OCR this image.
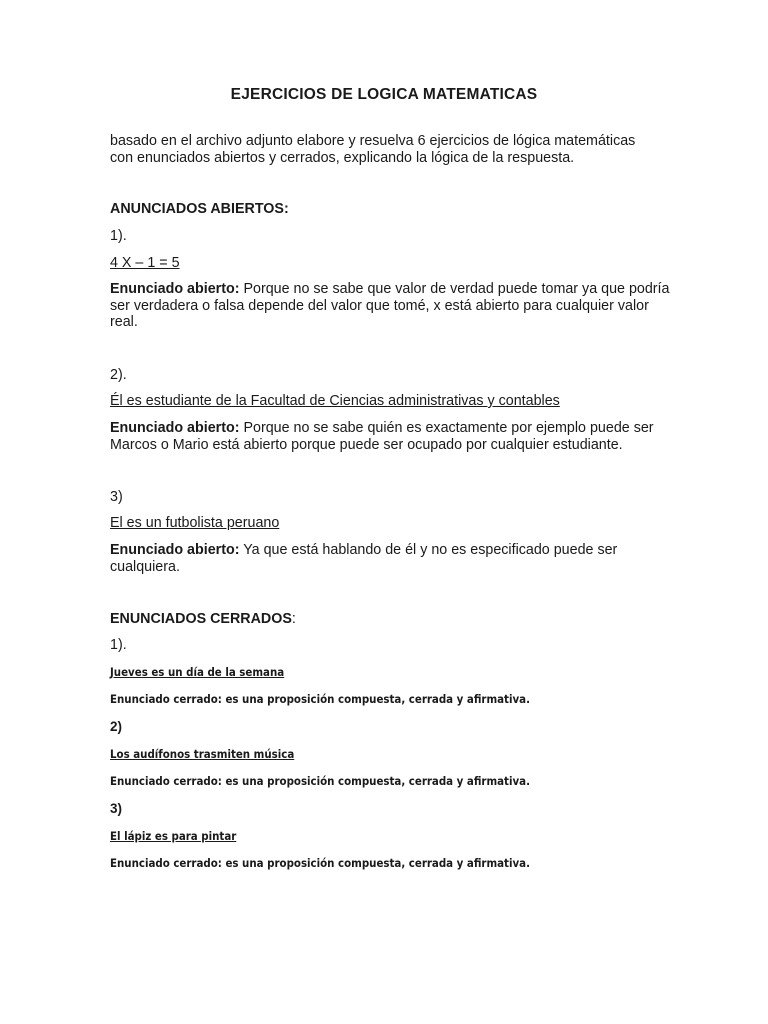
EJERCICIOS DE LOGICA MATEMATICAS
basado en el archivo adjunto elabore y resuelva 6 ejercicios de lógica matemáticas
con enunciados abiertos y cerrados, explicando la lógica de la respuesta.
ANUNCIADOS ABIERTOS:
1).
4 X – 1 = 5
Enunciado abierto: Porque no se sabe que valor de verdad puede tomar ya que podría ser verdadera o falsa depende del valor que tomé, x está abierto para cualquier valor real.
2).
Él es estudiante de la Facultad de Ciencias administrativas y contables
Enunciado abierto: Porque no se sabe quién es exactamente por ejemplo puede ser Marcos o Mario está abierto porque puede ser ocupado por cualquier estudiante.
3)
El es un futbolista peruano
Enunciado abierto: Ya que está hablando de él y no es especificado puede ser cualquiera.
ENUNCIADOS CERRADOS:
1).
Jueves es un día de la semana
Enunciado cerrado: es una proposición compuesta, cerrada y afirmativa.
2)
Los audífonos trasmiten música
Enunciado cerrado: es una proposición compuesta, cerrada y afirmativa.
3)
El lápiz es para pintar
Enunciado cerrado: es una proposición compuesta, cerrada y afirmativa.
